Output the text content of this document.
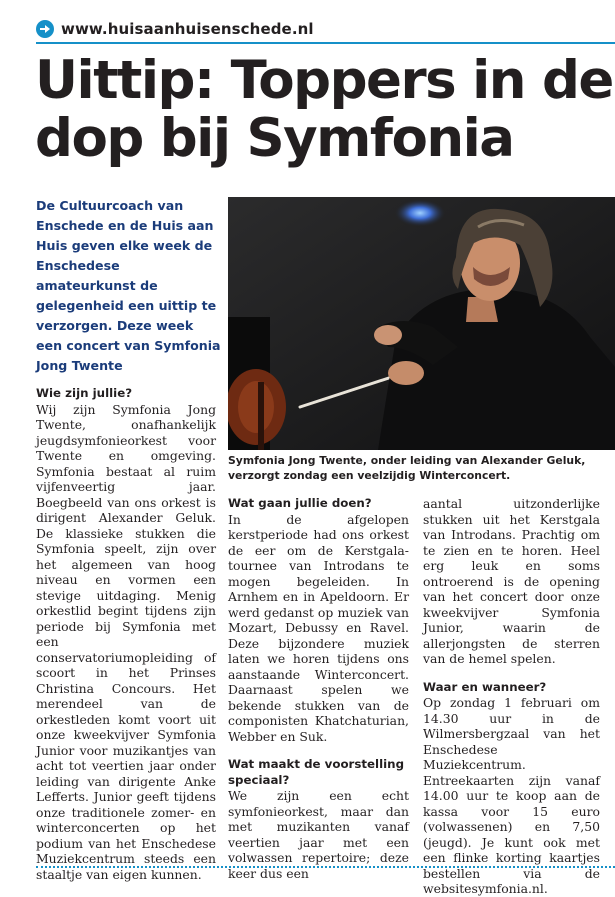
www.huisaanhuisenschede.nl
Uittip: Toppers in de dop bij Symfonia
De Cultuurcoach van Enschede en de Huis aan Huis geven elke week de Enschedese amateurkunst de gelegenheid een uittip te verzorgen. Deze week een concert van Symfonia Jong Twente
Symfonia Jong Twente, onder leiding van Alexander Geluk, verzorgt zondag een veelzijdig Winterconcert.
Wie zijn jullie?

Wij zijn Symfonia Jong Twente, onafhankelijk jeugdsymfonieorkest voor Twente en omgeving. Symfonia bestaat al ruim vijfenveertig jaar. Boegbeeld van ons orkest is dirigent Alexander Geluk. De klassieke stukken die Symfonia speelt, zijn over het algemeen van hoog niveau en vormen een stevige uitdaging. Menig orkestlid begint tijdens zijn periode bij Symfonia met een conservatoriumopleiding of scoort in het Prinses Christina Concours. Het merendeel van de orkestleden komt voort uit onze kweekvijver Symfonia Junior voor muzikantjes van acht tot veertien jaar onder leiding van dirigente Anke Lefferts. Junior geeft tijdens onze traditionele zomer- en winterconcerten op het podium van het Enschedese Muziekcentrum steeds een staaltje van eigen kunnen.

Wat gaan jullie doen?

In de afgelopen kerstperiode had ons orkest de eer om de Kerstgala-tournee van Introdans te mogen begeleiden. In Arnhem en in Apeldoorn. Er werd gedanst op muziek van Mozart, Debussy en Ravel. Deze bijzondere muziek laten we horen tijdens ons aanstaande Winterconcert. Daarnaast spelen we bekende stukken van de componisten Khatchaturian, Webber en Suk.

Wat maakt de voorstelling speciaal?

We zijn een echt symfonieorkest, maar dan met muzikanten vanaf veertien jaar met een volwassen repertoire; deze keer dus een

aantal uitzonderlijke stukken uit het Kerstgala van Introdans. Prachtig om te zien en te horen. Heel erg leuk en soms ontroerend is de opening van het concert door onze kweekvijver Symfonia Junior, waarin de allerjongsten de sterren van de hemel spelen.

Waar en wanneer?

Op zondag 1 februari om 14.30 uur in de Wilmersbergzaal van het Enschedese Muziekcentrum. Entreekaarten zijn vanaf 14.00 uur te koop aan de kassa voor 15 euro (volwassenen) en 7,50 (jeugd). Je kunt ook met een flinke korting kaartjes bestellen via de websitesymfonia.nl.
